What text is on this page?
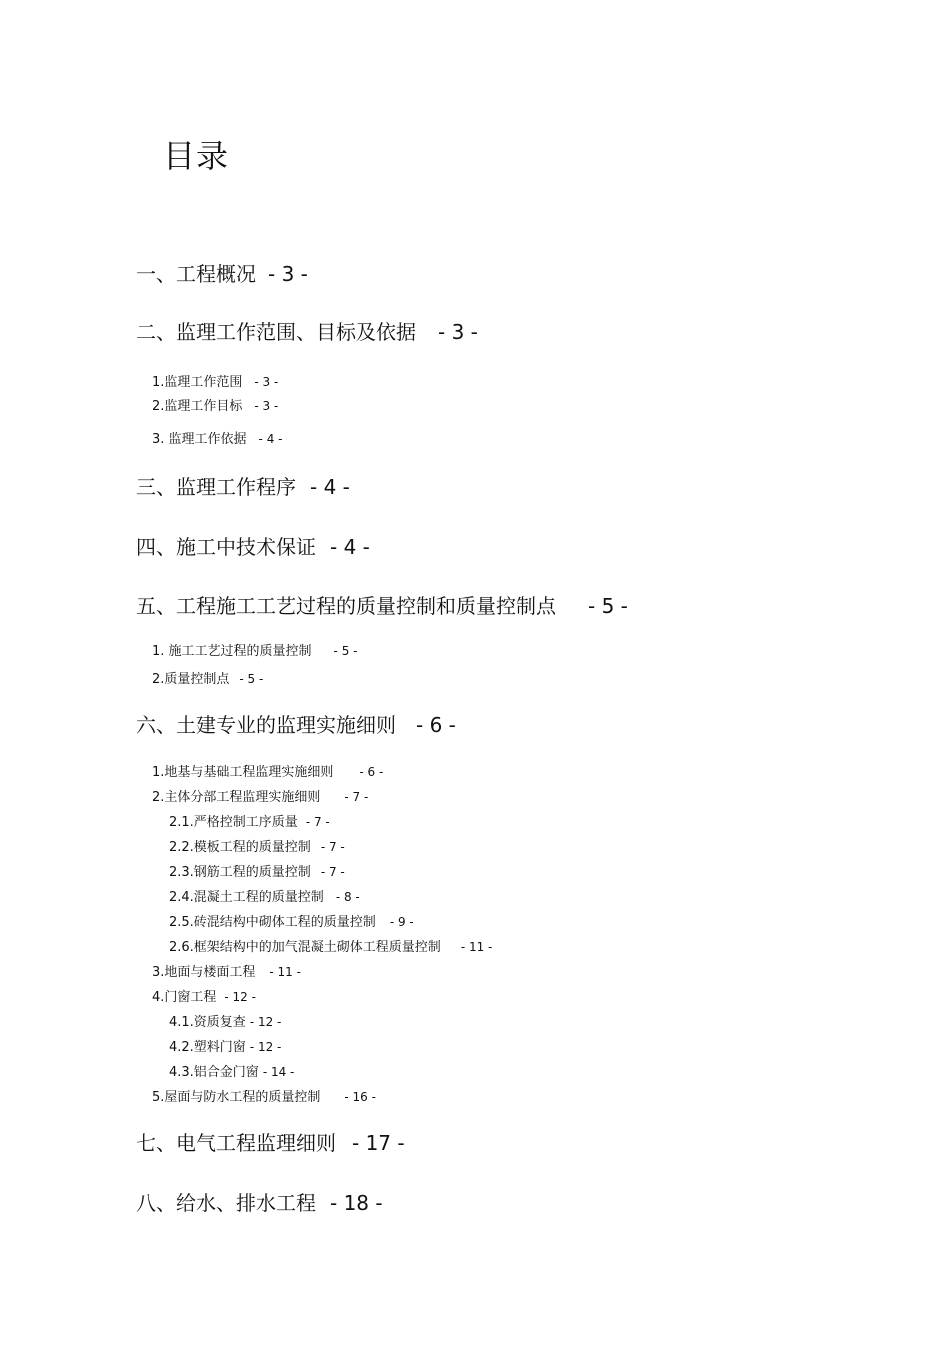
目录
一、工程概况 - 3 -
二、监理工作范围、目标及依据 - 3 -
1.监理工作范围 - 3 -
2.监理工作目标 - 3 -
3. 监理工作依据 - 4 -
三、监理工作程序 - 4 -
四、施工中技术保证 - 4 -
五、工程施工工艺过程的质量控制和质量控制点 - 5 -
1. 施工工艺过程的质量控制 - 5 -
2.质量控制点 - 5 -
六、土建专业的监理实施细则 - 6 -
1.地基与基础工程监理实施细则 - 6 -
2.主体分部工程监理实施细则 - 7 -
2.1.严格控制工序质量 - 7 -
2.2.模板工程的质量控制 - 7 -
2.3.钢筋工程的质量控制 - 7 -
2.4.混凝土工程的质量控制 - 8 -
2.5.砖混结构中砌体工程的质量控制 - 9 -
2.6.框架结构中的加气混凝土砌体工程质量控制 - 11 -
3.地面与楼面工程 - 11 -
4.门窗工程 - 12 -
4.1.资质复查 - 12 -
4.2.塑料门窗 - 12 -
4.3.铝合金门窗 - 14 -
5.屋面与防水工程的质量控制 - 16 -
七、电气工程监理细则 - 17 -
八、给水、排水工程 - 18 -
